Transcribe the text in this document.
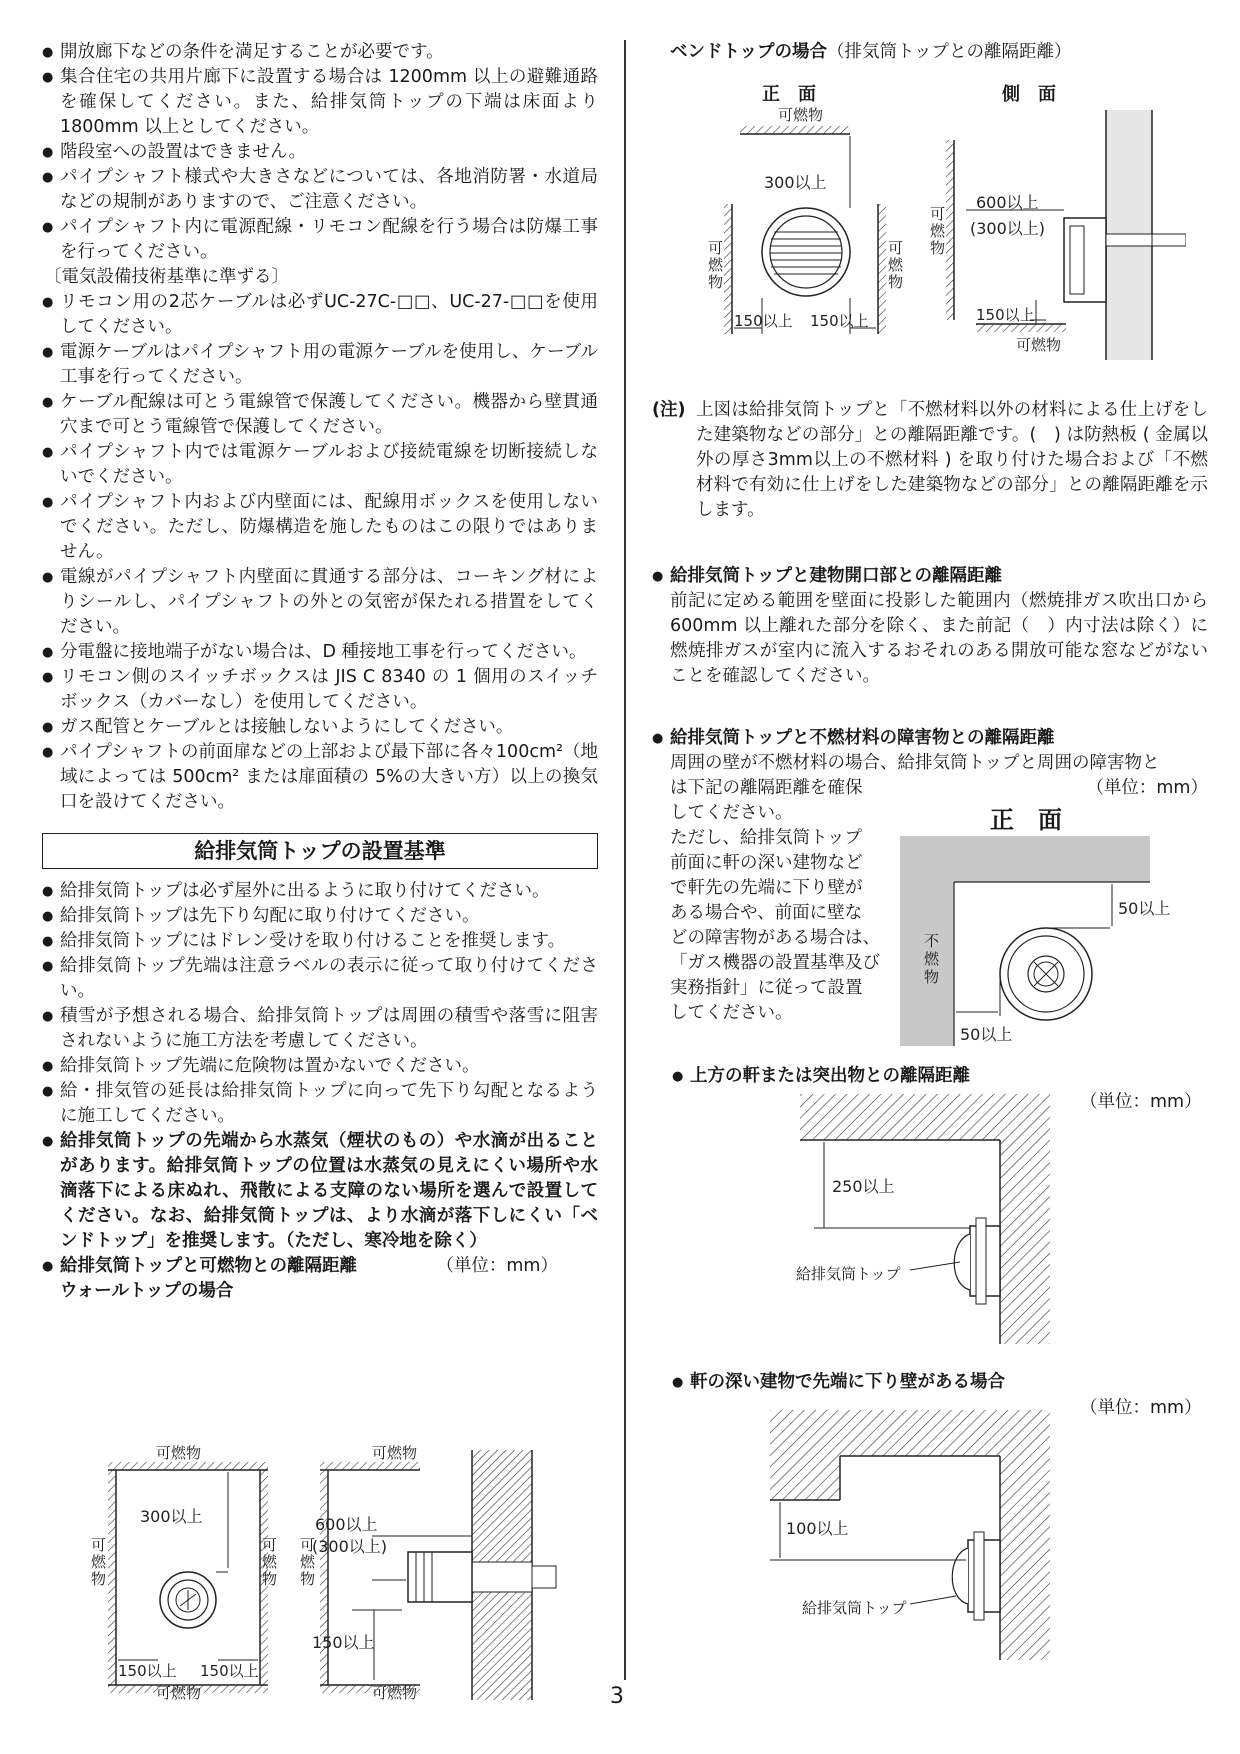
● 開放廊下などの条件を満足することが必要です。
● 集合住宅の共用片廊下に設置する場合は 1200mm 以上の避難通路を確保してください。また、給排気筒トップの下端は床面より 1800mm 以上としてください。
● 階段室への設置はできません。
● パイプシャフト様式や大きさなどについては、各地消防署・水道局などの規制がありますので、ご注意ください。
● パイプシャフト内に電源配線・リモコン配線を行う場合は防爆工事を行ってください。
〔電気設備技術基準に準ずる〕
● リモコン用の2芯ケーブルは必ずUC-27C-□□、UC-27-□□を使用してください。
● 電源ケーブルはパイプシャフト用の電源ケーブルを使用し、ケーブル工事を行ってください。
● ケーブル配線は可とう電線管で保護してください。機器から壁貫通穴まで可とう電線管で保護してください。
● パイプシャフト内では電源ケーブルおよび接続電線を切断接続しないでください。
● パイプシャフト内および内壁面には、配線用ボックスを使用しないでください。ただし、防爆構造を施したものはこの限りではありません。
● 電線がパイプシャフト内壁面に貫通する部分は、コーキング材によりシールし、パイプシャフトの外との気密が保たれる措置をしてください。
● 分電盤に接地端子がない場合は、D 種接地工事を行ってください。
● リモコン側のスイッチボックスは JIS C 8340 の 1 個用のスイッチボックス（カバーなし）を使用してください。
● ガス配管とケーブルとは接触しないようにしてください。
● パイプシャフトの前面扉などの上部および最下部に各々100cm²（地域によっては 500cm² または扉面積の 5%の大きい方）以上の換気口を設けてください。
給排気筒トップの設置基準
● 給排気筒トップは必ず屋外に出るように取り付けてください。
● 給排気筒トップは先下り勾配に取り付けてください。
● 給排気筒トップにはドレン受けを取り付けることを推奨します。
● 給排気筒トップ先端は注意ラベルの表示に従って取り付けてください。
● 積雪が予想される場合、給排気筒トップは周囲の積雪や落雪に阻害されないように施工方法を考慮してください。
● 給排気筒トップ先端に危険物は置かないでください。
● 給・排気管の延長は給排気筒トップに向って先下り勾配となるように施工してください。
● 給排気筒トップの先端から水蒸気（煙状のもの）や水滴が出ることがあります。給排気筒トップの位置は水蒸気の見えにくい場所や水滴落下による床ぬれ、飛散による支障のない場所を選んで設置してください。なお、給排気筒トップは、より水滴が落下しにくい「ベンドトップ」を推奨します。（ただし、寒冷地を除く）
● 給排気筒トップと可燃物との離隔距離	（単位：mm）
ウォールトップの場合
可燃物
可燃物
300以上
150以上 150以上
可
燃
物
可
燃
物
可燃物
可燃物
600以上
(300以上)
150以上
可
燃
物
ベンドトップの場合（排気筒トップとの離隔距離）
正　面	側　面
可燃物
300以上
150以上 150以上
可
燃
物
可
燃
物
600以上
(300以上)
150以上
可燃物
可
燃
物
(注) 上図は給排気筒トップと「不燃材料以外の材料による仕上げをした建築物などの部分」との離隔距離です。(　) は防熱板 ( 金属以外の厚さ3mm以上の不燃材料 ) を取り付けた場合および「不燃材料で有効に仕上げをした建築物などの部分」との離隔距離を示します。
● 給排気筒トップと建物開口部との離隔距離
前記に定める範囲を壁面に投影した範囲内（燃焼排ガス吹出口から 600mm 以上離れた部分を除く、また前記（　）内寸法は除く）に燃焼排ガスが室内に流入するおそれのある開放可能な窓などがないことを確認してください。
● 給排気筒トップと不燃材料の障害物との離隔距離
周囲の壁が不燃材料の場合、給排気筒トップと周囲の障害物と
は下記の離隔距離を確保	（単位：mm）
してください。
ただし、給排気筒トップ
前面に軒の深い建物など
で軒先の先端に下り壁が
ある場合や、前面に壁な
どの障害物がある場合は、
「ガス機器の設置基準及び
実務指針」に従って設置
してください。
正　面
50以上
50以上
不
燃
物
● 上方の軒または突出物との離隔距離
（単位：mm）
250以上
給排気筒トップ
● 軒の深い建物で先端に下り壁がある場合
（単位：mm）
100以上
給排気筒トップ
3
